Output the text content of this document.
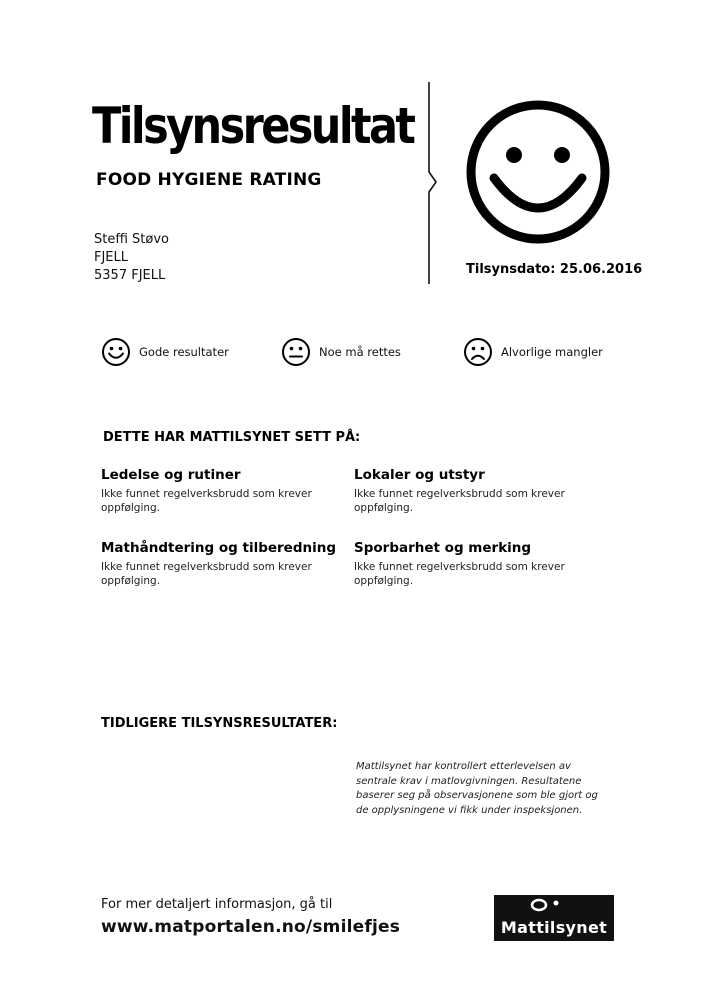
Tilsynsresultat
FOOD HYGIENE RATING
Steffi Støvo
FJELL
5357 FJELL	Tilsynsdato: 25.06.2016
Gode resultater	Noe må rettes	Alvorlige mangler
DETTE HAR MATTILSYNET SETT PÅ:
Ledelse og rutiner
Ikke funnet regelverksbrudd som krever oppfølging.
Lokaler og utstyr
Ikke funnet regelverksbrudd som krever oppfølging.
Mathåndtering og tilberedning
Ikke funnet regelverksbrudd som krever oppfølging.
Sporbarhet og merking
Ikke funnet regelverksbrudd som krever oppfølging.
TIDLIGERE TILSYNSRESULTATER:
Mattilsynet har kontrollert etterlevelsen av sentrale krav i matlovgivningen. Resultatene baserer seg på observasjonene som ble gjort og de opplysningene vi fikk under inspeksjonen.
For mer detaljert informasjon, gå til
www.matportalen.no/smilefjes	Mattilsynet
